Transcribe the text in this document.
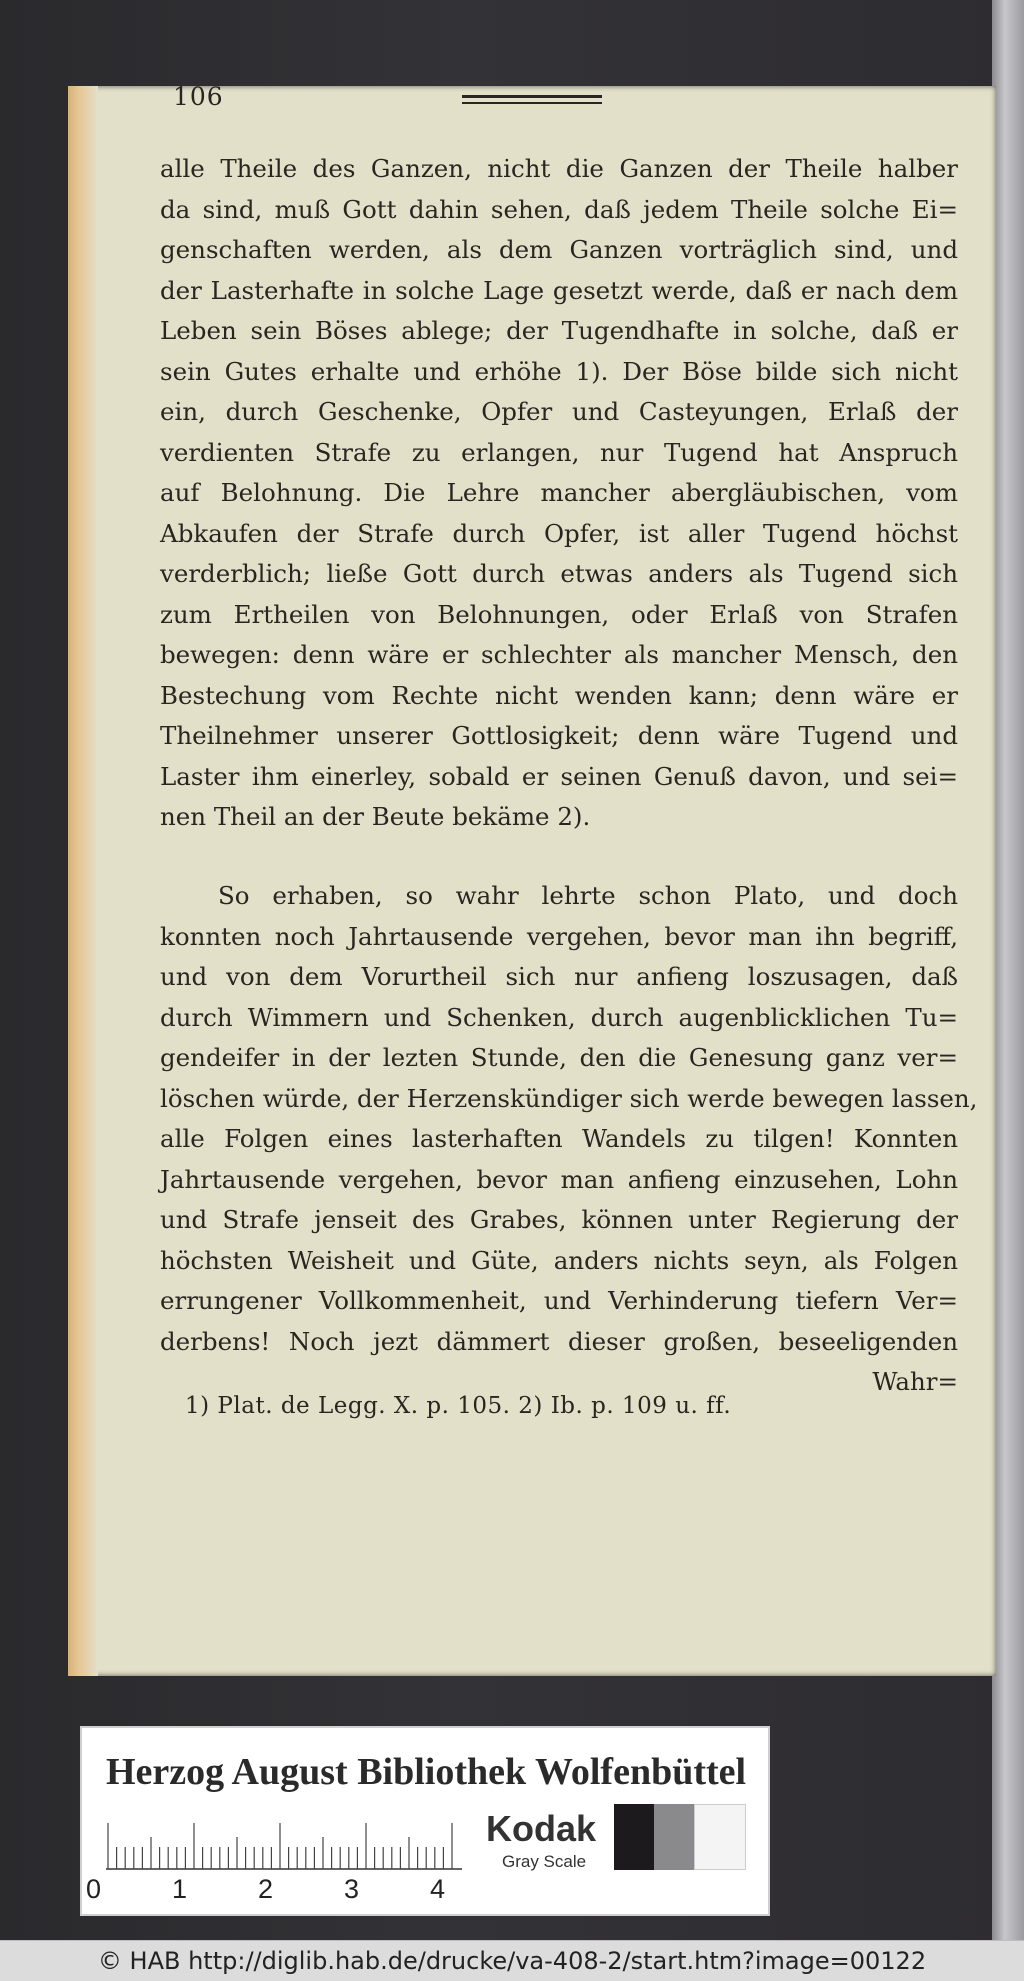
106
alle Theile des Ganzen, nicht die Ganzen der Theile halber
da sind, muß Gott dahin sehen, daß jedem Theile solche Ei=
genschaften werden, als dem Ganzen vorträglich sind, und
der Lasterhafte in solche Lage gesetzt werde, daß er nach dem
Leben sein Böses ablege; der Tugendhafte in solche, daß er
sein Gutes erhalte und erhöhe 1). Der Böse bilde sich nicht
ein, durch Geschenke, Opfer und Casteyungen, Erlaß der
verdienten Strafe zu erlangen, nur Tugend hat Anspruch
auf Belohnung. Die Lehre mancher abergläubischen, vom
Abkaufen der Strafe durch Opfer, ist aller Tugend höchst
verderblich; ließe Gott durch etwas anders als Tugend sich
zum Ertheilen von Belohnungen, oder Erlaß von Strafen
bewegen: denn wäre er schlechter als mancher Mensch, den
Bestechung vom Rechte nicht wenden kann; denn wäre er
Theilnehmer unserer Gottlosigkeit; denn wäre Tugend und
Laster ihm einerley, sobald er seinen Genuß davon, und sei=
nen Theil an der Beute bekäme 2).
So erhaben, so wahr lehrte schon Plato, und doch
konnten noch Jahrtausende vergehen, bevor man ihn begriff,
und von dem Vorurtheil sich nur anfieng loszusagen, daß
durch Wimmern und Schenken, durch augenblicklichen Tu=
gendeifer in der lezten Stunde, den die Genesung ganz ver=
löschen würde, der Herzenskündiger sich werde bewegen lassen,
alle Folgen eines lasterhaften Wandels zu tilgen! Konnten
Jahrtausende vergehen, bevor man anfieng einzusehen, Lohn
und Strafe jenseit des Grabes, können unter Regierung der
höchsten Weisheit und Güte, anders nichts seyn, als Folgen
errungener Vollkommenheit, und Verhinderung tiefern Ver=
derbens! Noch jezt dämmert dieser großen, beseeligenden
Wahr=
1) Plat. de Legg. X. p. 105. 2) Ib. p. 109 u. ff.
Herzog August Bibliothek Wolfenbüttel
0	1	2	3	4
Kodak
Gray Scale
© HAB http://diglib.hab.de/drucke/va-408-2/start.htm?image=00122
